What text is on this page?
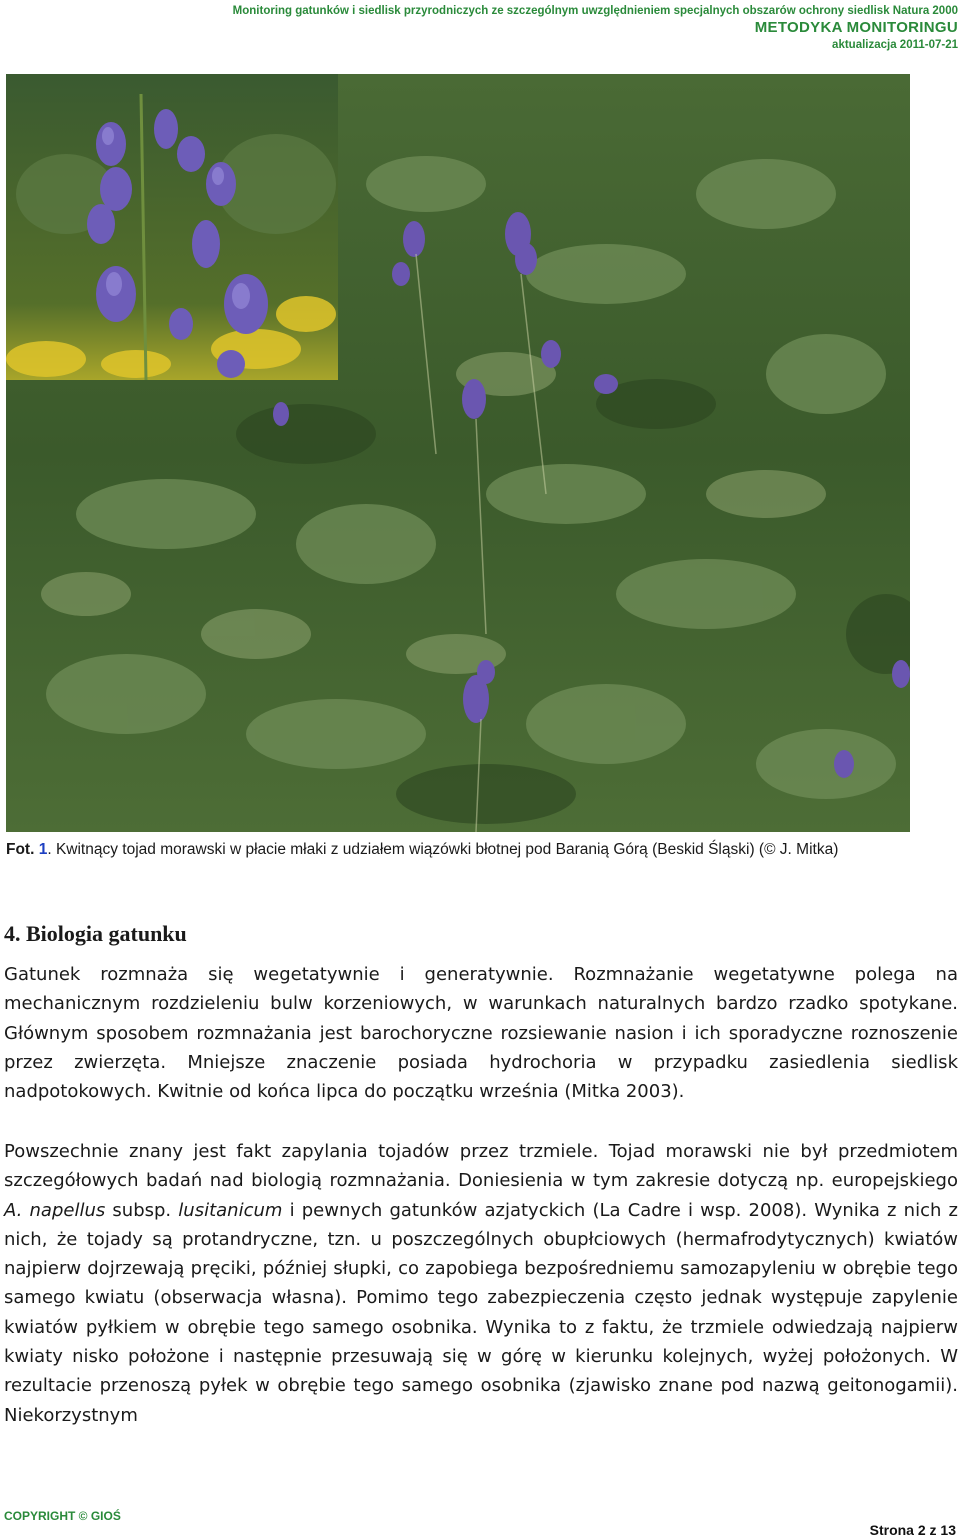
Monitoring gatunków i siedlisk przyrodniczych ze szczególnym uwzględnieniem specjalnych obszarów ochrony siedlisk Natura 2000
METODYKA MONITORINGU
aktualizacja 2011-07-21
Fot. 1. Kwitnący tojad morawski w płacie młaki z udziałem wiązówki błotnej pod Baranią Górą (Beskid Śląski) (© J. Mitka)
4. Biologia gatunku
Gatunek rozmnaża się wegetatywnie i generatywnie. Rozmnażanie wegetatywne polega na mechanicznym rozdzieleniu bulw korzeniowych, w warunkach naturalnych bardzo rzadko spotykane. Głównym sposobem rozmnażania jest barochoryczne rozsiewanie nasion i ich sporadyczne roznoszenie przez zwierzęta. Mniejsze znaczenie posiada hydrochoria w przypadku zasiedlenia siedlisk nadpotokowych. Kwitnie od końca lipca do początku września (Mitka 2003).
Powszechnie znany jest fakt zapylania tojadów przez trzmiele. Tojad morawski nie był przedmiotem szczegółowych badań nad biologią rozmnażania. Doniesienia w tym zakresie dotyczą np. europejskiego A. napellus subsp. lusitanicum i pewnych gatunków azjatyckich (La Cadre i wsp. 2008). Wynika z nich z nich, że tojady są protandryczne, tzn. u poszczególnych obupłciowych (hermafrodytycznych) kwiatów najpierw dojrzewają pręciki, później słupki, co zapobiega bezpośredniemu samozapyleniu w obrębie tego samego kwiatu (obserwacja własna). Pomimo tego zabezpieczenia często jednak występuje zapylenie kwiatów pyłkiem w obrębie tego samego osobnika. Wynika to z faktu, że trzmiele odwiedzają najpierw kwiaty nisko położone i następnie przesuwają się w górę w kierunku kolejnych, wyżej położonych. W rezultacie przenoszą pyłek w obrębie tego samego osobnika (zjawisko znane pod nazwą geitonogamii). Niekorzystnym
COPYRIGHT © GIOŚ
Strona 2 z 13
